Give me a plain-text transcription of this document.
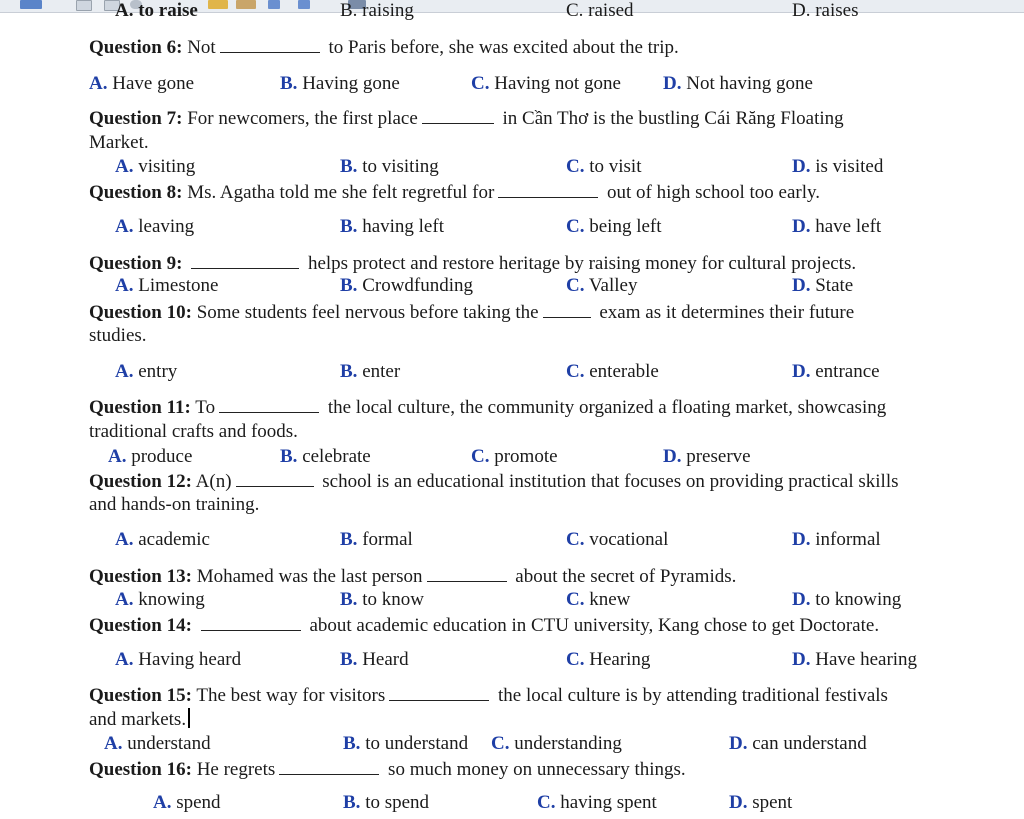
A. to raise	B. raising	C. raised	D. raises
Question 6: Not	to Paris before, she was excited about the trip.
A. Have gone	B. Having gone	C. Having not gone D. Not having gone
Question 7: For newcomers, the first place	in Cần Thơ is the bustling Cái Răng Floating
Market.
A. visiting	B. to visiting	C. to visit	D. is visited
Question 8: Ms. Agatha told me she felt regretful for	out of high school too early.
A. leaving	B. having left	C. being left	D. have left
Question 9:	helps protect and restore heritage by raising money for cultural projects.
A. Limestone	B. Crowdfunding	C. Valley	D. State
Question 10: Some students feel nervous before taking the	exam as it determines their future
studies.
A. entry	B. enter	C. enterable	D. entrance
Question 11: To	the local culture, the community organized a floating market, showcasing
traditional crafts and foods.
A. produce	B. celebrate	C. promote	D. preserve
Question 12: A(n)	school is an educational institution that focuses on providing practical skills
and hands-on training.
A. academic	B. formal	C. vocational	D. informal
Question 13: Mohamed was the last person	about the secret of Pyramids.
A. knowing	B. to know	C. knew	D. to knowing
Question 14:	about academic education in CTU university, Kang chose to get Doctorate.
A. Having heard	B. Heard	C. Hearing	D. Have hearing
Question 15: The best way for visitors	the local culture is by attending traditional festivals
and markets.
A. understand	B. to understand C. understanding	D. can understand
Question 16: He regrets	so much money on unnecessary things.
A. spend	B. to spend	C. having spent	D. spent
